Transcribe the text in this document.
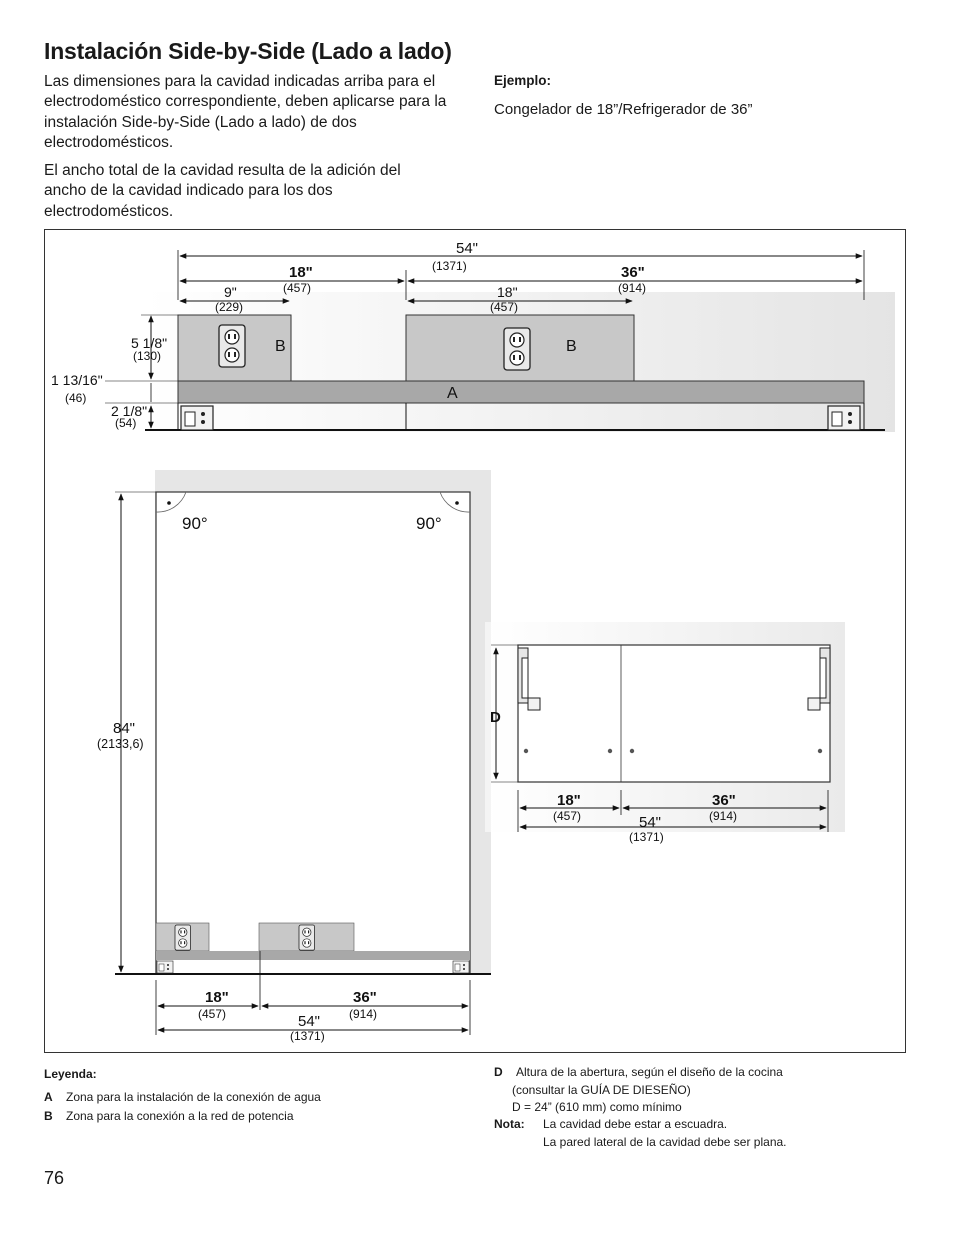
Instalación Side-by-Side (Lado a lado)

Las dimensiones para la cavidad indicadas arriba para el electrodoméstico correspondiente, deben aplicarse para la instalación Side-by-Side (Lado a lado) de dos electrodomésticos.

El ancho total de la cavidad resulta de la adición del ancho de la cavidad indicado para los dos electrodomésticos.

Ejemplo:
Congelador de 18”/Refrigerador de 36”
54"
(1371)
18"
(457)
36"
(914)
9"
(229)
18"
(457)
B	B
A
5 1/8"
(130)
1 13/16"
(46)
2 1/8"
(54)
90°	90°
84"
(2133,6)
18"
(457)
36"
(914)
54"
(1371)
D
18"
(457)
36"
(914)
54"
(1371)
Leyenda:
A Zona para la instalación de la conexión de agua
B Zona para la conexión a la red de potencia
D Altura de la abertura, según el diseño de la cocina
(consultar la GUÍA DE DIESEÑO)
D = 24” (610 mm) como mínimo
Nota: La cavidad debe estar a escuadra.
La pared lateral de la cavidad debe ser plana.
76
